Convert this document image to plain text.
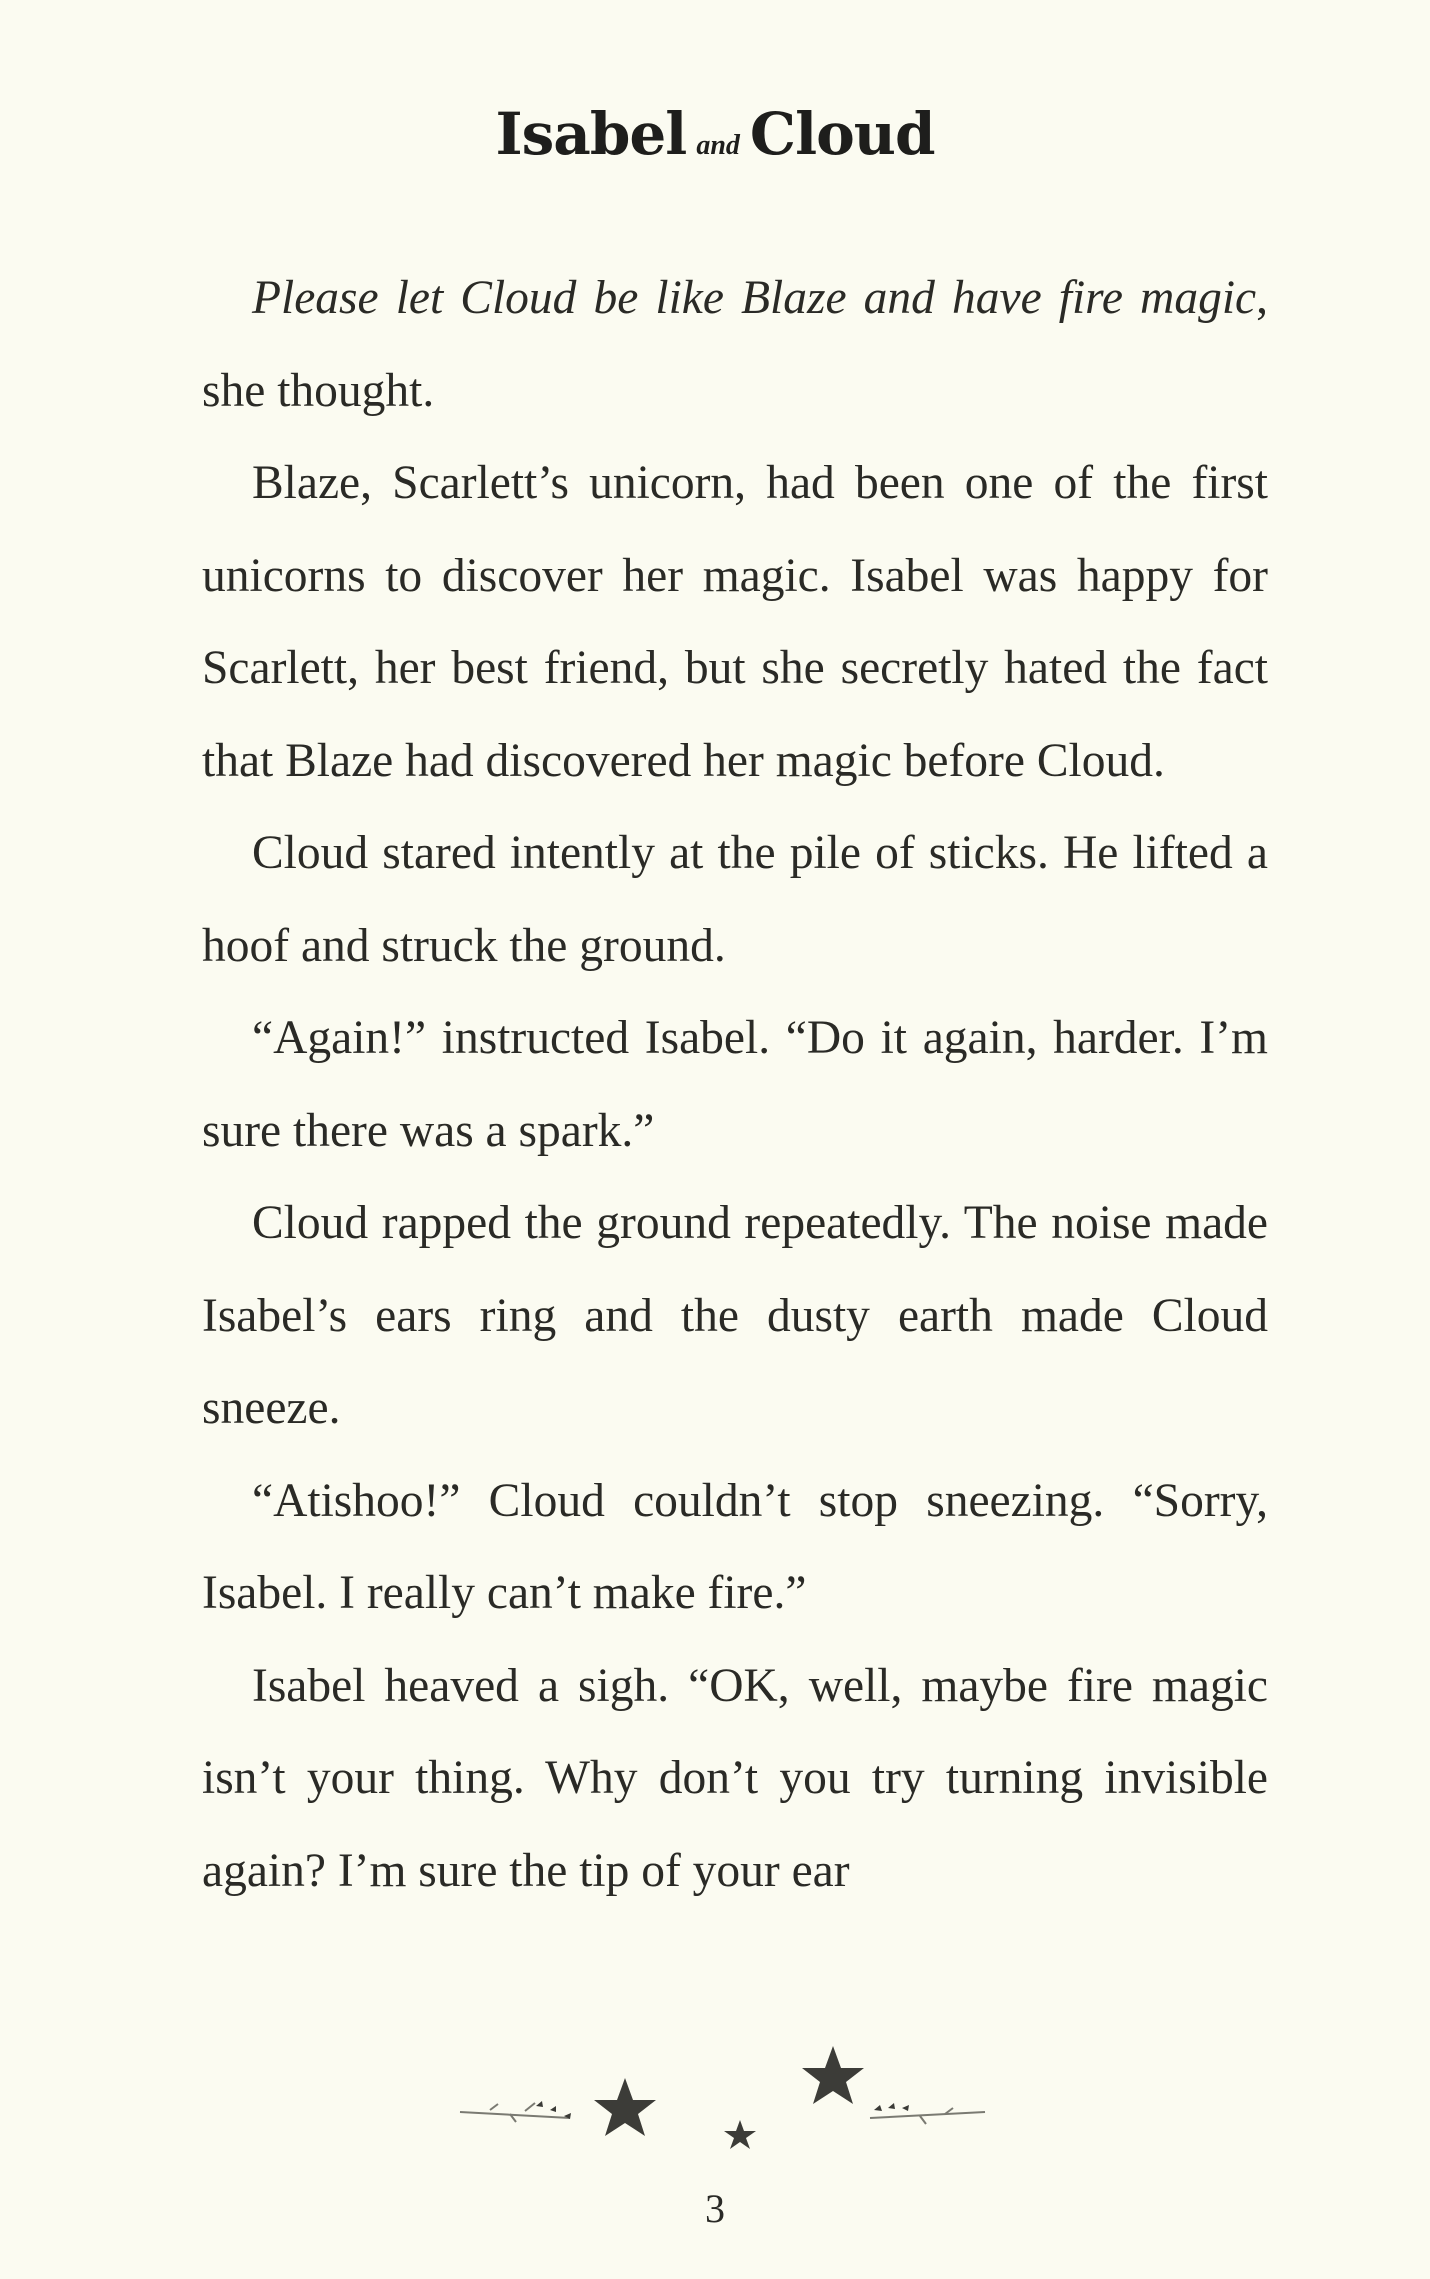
Isabel and Cloud

Please let Cloud be like Blaze and have fire magic, she thought.

Blaze, Scarlett’s unicorn, had been one of the first unicorns to discover her magic. Isabel was happy for Scarlett, her best friend, but she secretly hated the fact that Blaze had discovered her magic before Cloud.

Cloud stared intently at the pile of sticks. He lifted a hoof and struck the ground.

“Again!” instructed Isabel. “Do it again, harder. I’m sure there was a spark.”

Cloud rapped the ground repeatedly. The noise made Isabel’s ears ring and the dusty earth made Cloud sneeze.

“Atishoo!” Cloud couldn’t stop sneezing. “Sorry, Isabel. I really can’t make fire.”

Isabel heaved a sigh. “OK, well, maybe fire magic isn’t your thing. Why don’t you try turning invisible again? I’m sure the tip of your ear

3
